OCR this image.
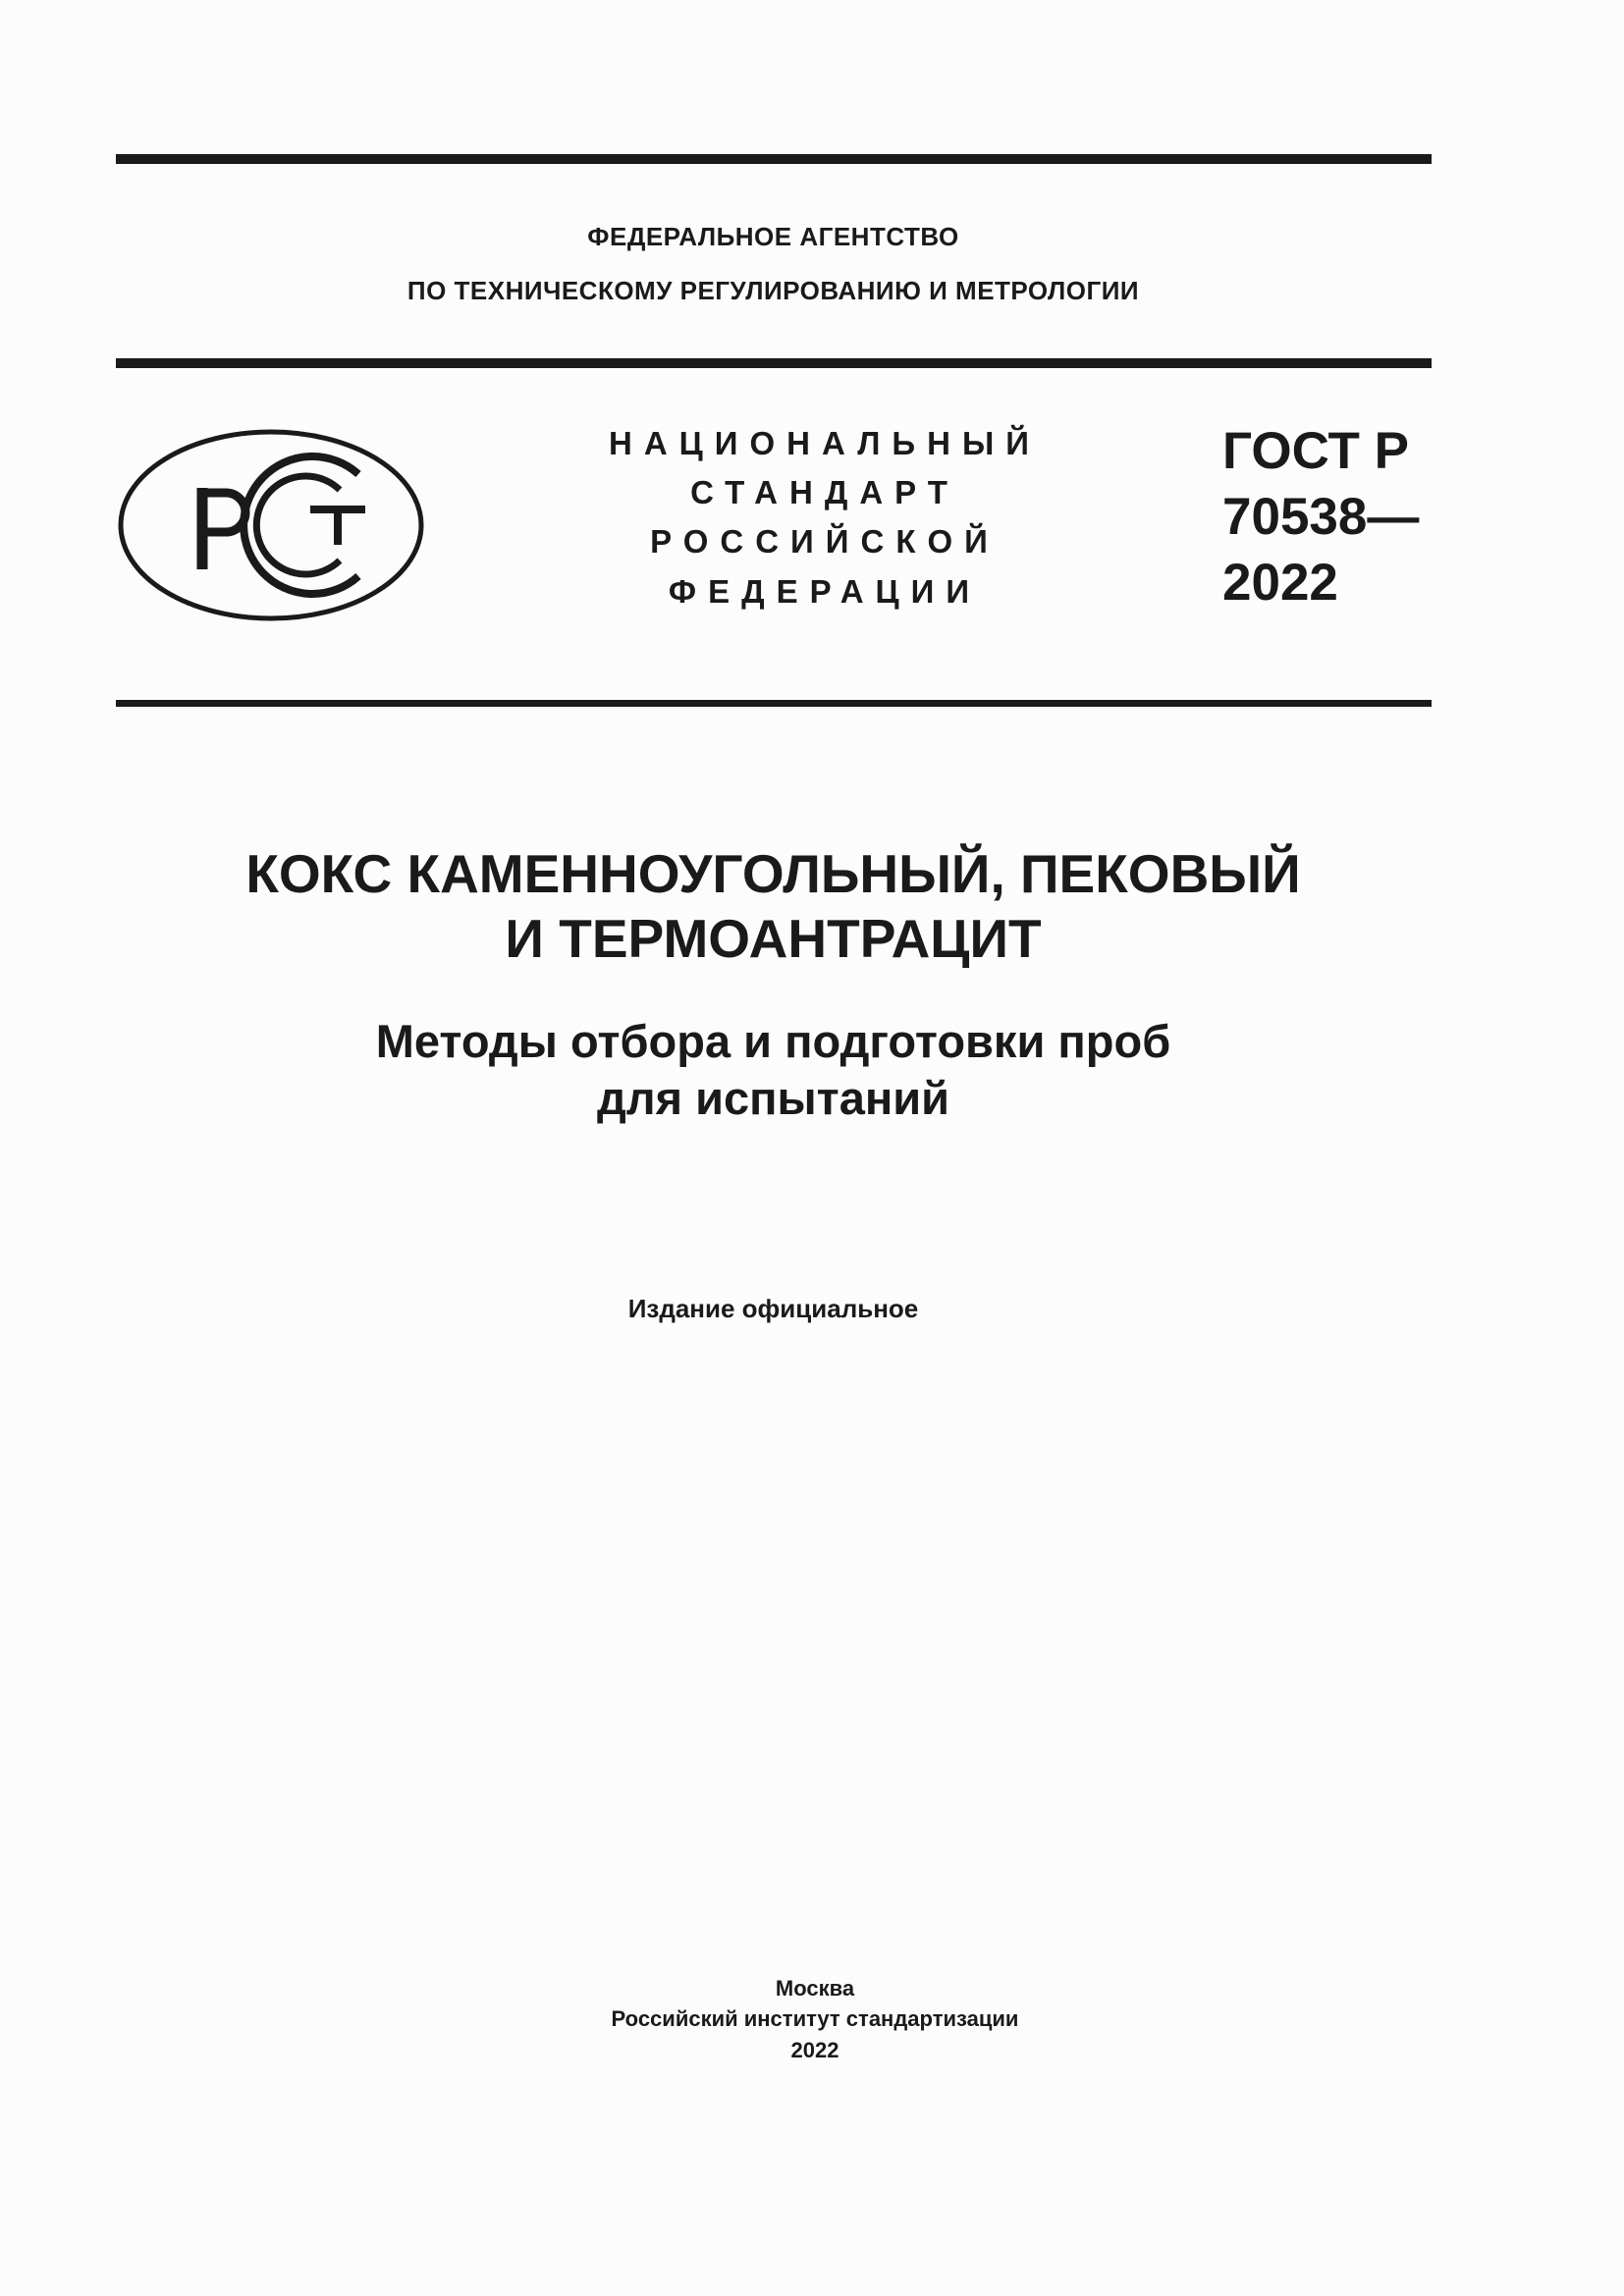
ФЕДЕРАЛЬНОЕ АГЕНТСТВО
ПО ТЕХНИЧЕСКОМУ РЕГУЛИРОВАНИЮ И МЕТРОЛОГИИ
НАЦИОНАЛЬНЫЙ
СТАНДАРТ
РОССИЙСКОЙ
ФЕДЕРАЦИИ
ГОСТ Р
70538—
2022
КОКС КАМЕННОУГОЛЬНЫЙ, ПЕКОВЫЙ
И ТЕРМОАНТРАЦИТ
Методы отбора и подготовки проб
для испытаний
Издание официальное
Москва
Российский институт стандартизации
2022
